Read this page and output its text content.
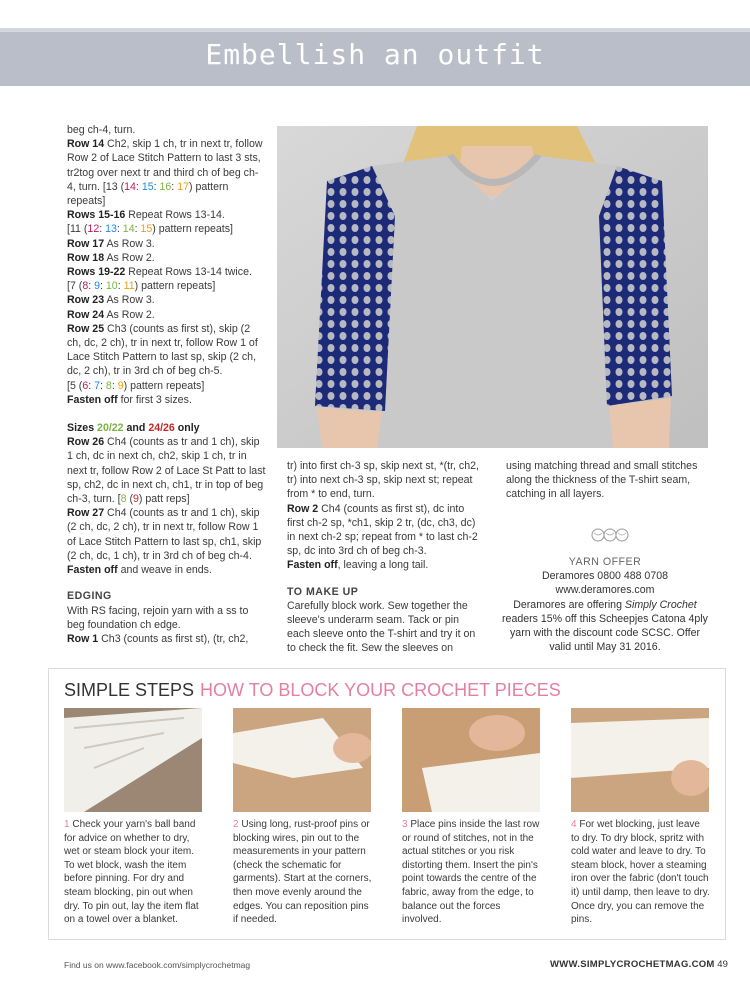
Embellish an outfit

beg ch-4, turn.

Row 14 Ch2, skip 1 ch, tr in next tr, follow Row 2 of Lace Stitch Pattern to last 3 sts, tr2tog over next tr and third ch of beg ch-4, turn. [13 (14: 15: 16: 17) pattern repeats]

Rows 15-16 Repeat Rows 13-14.
[11 (12: 13: 14: 15) pattern repeats]

Row 17 As Row 3.

Row 18 As Row 2.

Rows 19-22 Repeat Rows 13-14 twice.
[7 (8: 9: 10: 11) pattern repeats]

Row 23 As Row 3.

Row 24 As Row 2.

Row 25 Ch3 (counts as first st), skip (2 ch, dc, 2 ch), tr in next tr, follow Row 1 of Lace Stitch Pattern to last sp, skip (2 ch, dc, 2 ch), tr in 3rd ch of beg ch-5.
[5 (6: 7: 8: 9) pattern repeats]

Fasten off for first 3 sizes.

Sizes 20/22 and 24/26 only

Row 26 Ch4 (counts as tr and 1 ch), skip 1 ch, dc in next ch, ch2, skip 1 ch, tr in next tr, follow Row 2 of Lace St Patt to last sp, ch2, dc in next ch, ch1, tr in top of beg ch-3, turn. [8 (9) patt reps]

Row 27 Ch4 (counts as tr and 1 ch), skip (2 ch, dc, 2 ch), tr in next tr, follow Row 1 of Lace Stitch Pattern to last sp, ch1, skip (2 ch, dc, 1 ch), tr in 3rd ch of beg ch-4.

Fasten off and weave in ends.

EDGING

With RS facing, rejoin yarn with a ss to beg foundation ch edge.

Row 1 Ch3 (counts as first st), (tr, ch2,

tr) into first ch-3 sp, skip next st, *(tr, ch2, tr) into next ch-3 sp, skip next st; repeat from * to end, turn.

Row 2 Ch4 (counts as first st), dc into first ch-2 sp, *ch1, skip 2 tr, (dc, ch3, dc) in next ch-2 sp; repeat from * to last ch-2 sp, dc into 3rd ch of beg ch-3.

Fasten off, leaving a long tail.

TO MAKE UP

Carefully block work. Sew together the sleeve's underarm seam. Tack or pin each sleeve onto the T-shirt and try it on to check the fit. Sew the sleeves on

using matching thread and small stitches along the thickness of the T-shirt seam, catching in all layers.

YARN OFFER

Deramores 0800 488 0708

www.deramores.com

Deramores are offering Simply Crochet readers 15% off this Scheepjes Catona 4ply yarn with the discount code SCSC. Offer valid until May 31 2016.

SIMPLE STEPS HOW TO BLOCK YOUR CROCHET PIECES
1 Check your yarn's ball band for advice on whether to dry, wet or steam block your item. To wet block, wash the item before pinning. For dry and steam blocking, pin out when dry. To pin out, lay the item flat on a towel over a blanket.
2 Using long, rust-proof pins or blocking wires, pin out to the measurements in your pattern (check the schematic for garments). Start at the corners, then move evenly around the edges. You can reposition pins if needed.
3 Place pins inside the last row or round of stitches, not in the actual stitches or you risk distorting them. Insert the pin's point towards the centre of the fabric, away from the edge, to balance out the forces involved.
4 For wet blocking, just leave to dry. To dry block, spritz with cold water and leave to dry. To steam block, hover a steaming iron over the fabric (don't touch it) until damp, then leave to dry. Once dry, you can remove the pins.
Find us on www.facebook.com/simplycrochetmag	WWW.SIMPLYCROCHETMAG.COM 49
